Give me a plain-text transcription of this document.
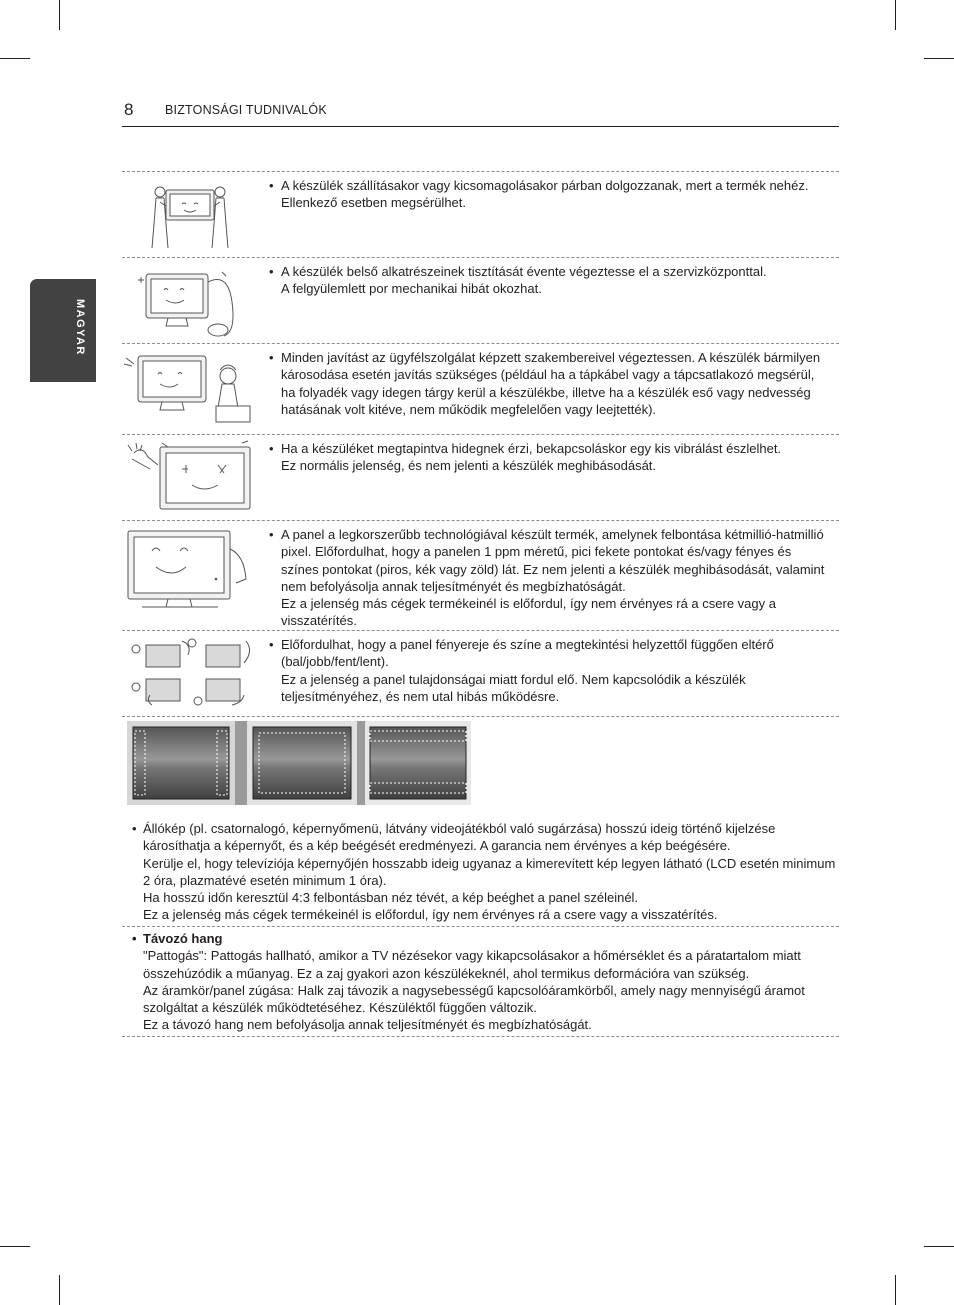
8	BIZTONSÁGI TUDNIVALÓK
MAGYAR
• A készülék szállításakor vagy kicsomagolásakor párban dolgozzanak, mert a termék nehéz.

Ellenkező esetben megsérülhet.

• A készülék belső alkatrészeinek tisztítását évente végeztesse el a szervizközponttal.

A felgyülemlett por mechanikai hibát okozhat.

• Minden javítást az ügyfélszolgálat képzett szakembereivel végeztessen. A készülék bármilyen károsodása esetén javítás szükséges (például ha a tápkábel vagy a tápcsatlakozó megsérül, ha folyadék vagy idegen tárgy kerül a készülékbe, illetve ha a készülék eső vagy nedvesség hatásának volt kitéve, nem működik megfelelően vagy leejtették).

• Ha a készüléket megtapintva hidegnek érzi, bekapcsoláskor egy kis vibrálást észlelhet.

Ez normális jelenség, és nem jelenti a készülék meghibásodását.

• A panel a legkorszerűbb technológiával készült termék, amelynek felbontása kétmillió-hatmillió pixel. Előfordulhat, hogy a panelen 1 ppm méretű, pici fekete pontokat és/vagy fényes és színes pontokat (piros, kék vagy zöld) lát. Ez nem jelenti a készülék meghibásodását, valamint nem befolyásolja annak teljesítményét és megbízhatóságát.

Ez a jelenség más cégek termékeinél is előfordul, így nem érvényes rá a csere vagy a visszatérítés.

• Előfordulhat, hogy a panel fényereje és színe a megtekintési helyzettől függően eltérő (bal/jobb/fent/lent).

Ez a jelenség a panel tulajdonságai miatt fordul elő. Nem kapcsolódik a készülék teljesítményéhez, és nem utal hibás működésre.

• Állókép (pl. csatornalogó, képernyőmenü, látvány videojátékból való sugárzása) hosszú ideig történő kijelzése károsíthatja a képernyőt, és a kép beégését eredményezi. A garancia nem érvényes a kép beégésére.

Kerülje el, hogy televíziója képernyőjén hosszabb ideig ugyanaz a kimerevített kép legyen látható (LCD esetén minimum 2 óra, plazmatévé esetén minimum 1 óra).

Ha hosszú időn keresztül 4:3 felbontásban néz tévét, a kép beéghet a panel széleinél.

Ez a jelenség más cégek termékeinél is előfordul, így nem érvényes rá a csere vagy a visszatérítés.

• Távozó hang

"Pattogás": Pattogás hallható, amikor a TV nézésekor vagy kikapcsolásakor a hőmérséklet és a páratartalom miatt összehúzódik a műanyag. Ez a zaj gyakori azon készülékeknél, ahol termikus deformációra van szükség.

Az áramkör/panel zúgása: Halk zaj távozik a nagysebességű kapcsolóáramkörből, amely nagy mennyiségű áramot szolgáltat a készülék működtetéséhez. Készüléktől függően változik.

Ez a távozó hang nem befolyásolja annak teljesítményét és megbízhatóságát.
